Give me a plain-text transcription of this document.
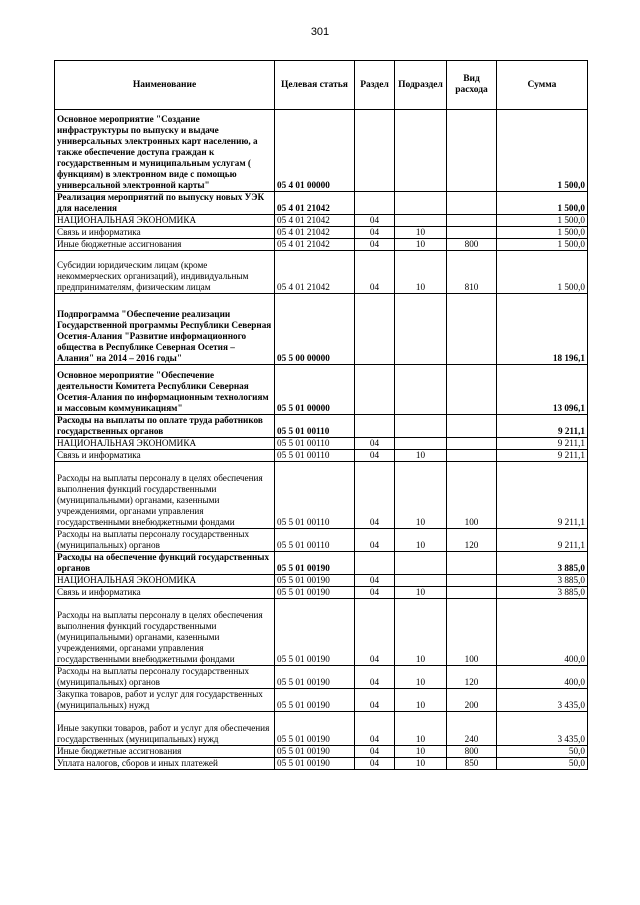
301
Наименование	Целевая статья	Раздел	Подраздел	Вид расхода	Сумма
Основное мероприятие "Создание инфраструктуры по выпуску и выдаче универсальных электронных карт населению, а также обеспечение доступа граждан к государственным и муниципальным услугам ( функциям) в электронном виде с помощью универсальной электронной карты"	05 4 01 00000				1 500,0
Реализация мероприятий по выпуску новых УЭК для населения	05 4 01 21042				1 500,0
НАЦИОНАЛЬНАЯ ЭКОНОМИКА	05 4 01 21042	04			1 500,0
Связь и информатика	05 4 01 21042	04	10		1 500,0
Иные бюджетные ассигнования	05 4 01 21042	04	10	800	1 500,0
Субсидии юридическим лицам (кроме некоммерческих организаций), индивидуальным предпринимателям, физическим лицам	05 4 01 21042	04	10	810	1 500,0
Подпрограмма "Обеспечение реализации Государственной программы Республики Северная Осетия-Алания "Развитие информационного общества в Республике Северная Осетия – Алания" на 2014 – 2016 годы"	05 5 00 00000				18 196,1
Основное мероприятие "Обеспечение деятельности Комитета Республики Северная Осетия-Алания по информационным технологиям и массовым коммуникациям"	05 5 01 00000				13 096,1
Расходы на выплаты по оплате труда работников государственных органов	05 5 01 00110				9 211,1
НАЦИОНАЛЬНАЯ ЭКОНОМИКА	05 5 01 00110	04			9 211,1
Связь и информатика	05 5 01 00110	04	10		9 211,1
Расходы на выплаты персоналу в целях обеспечения выполнения функций государственными (муниципальными) органами, казенными учреждениями, органами управления государственными внебюджетными фондами	05 5 01 00110	04	10	100	9 211,1
Расходы на выплаты персоналу государственных (муниципальных) органов	05 5 01 00110	04	10	120	9 211,1
Расходы на обеспечение функций государственных органов	05 5 01 00190				3 885,0
НАЦИОНАЛЬНАЯ ЭКОНОМИКА	05 5 01 00190	04			3 885,0
Связь и информатика	05 5 01 00190	04	10		3 885,0
Расходы на выплаты персоналу в целях обеспечения выполнения функций государственными (муниципальными) органами, казенными учреждениями, органами управления государственными внебюджетными фондами	05 5 01 00190	04	10	100	400,0
Расходы на выплаты персоналу государственных (муниципальных) органов	05 5 01 00190	04	10	120	400,0
Закупка товаров, работ и услуг для государственных (муниципальных) нужд	05 5 01 00190	04	10	200	3 435,0
Иные закупки товаров, работ и услуг для обеспечения государственных (муниципальных) нужд	05 5 01 00190	04	10	240	3 435,0
Иные бюджетные ассигнования	05 5 01 00190	04	10	800	50,0
Уплата налогов, сборов и иных платежей	05 5 01 00190	04	10	850	50,0
